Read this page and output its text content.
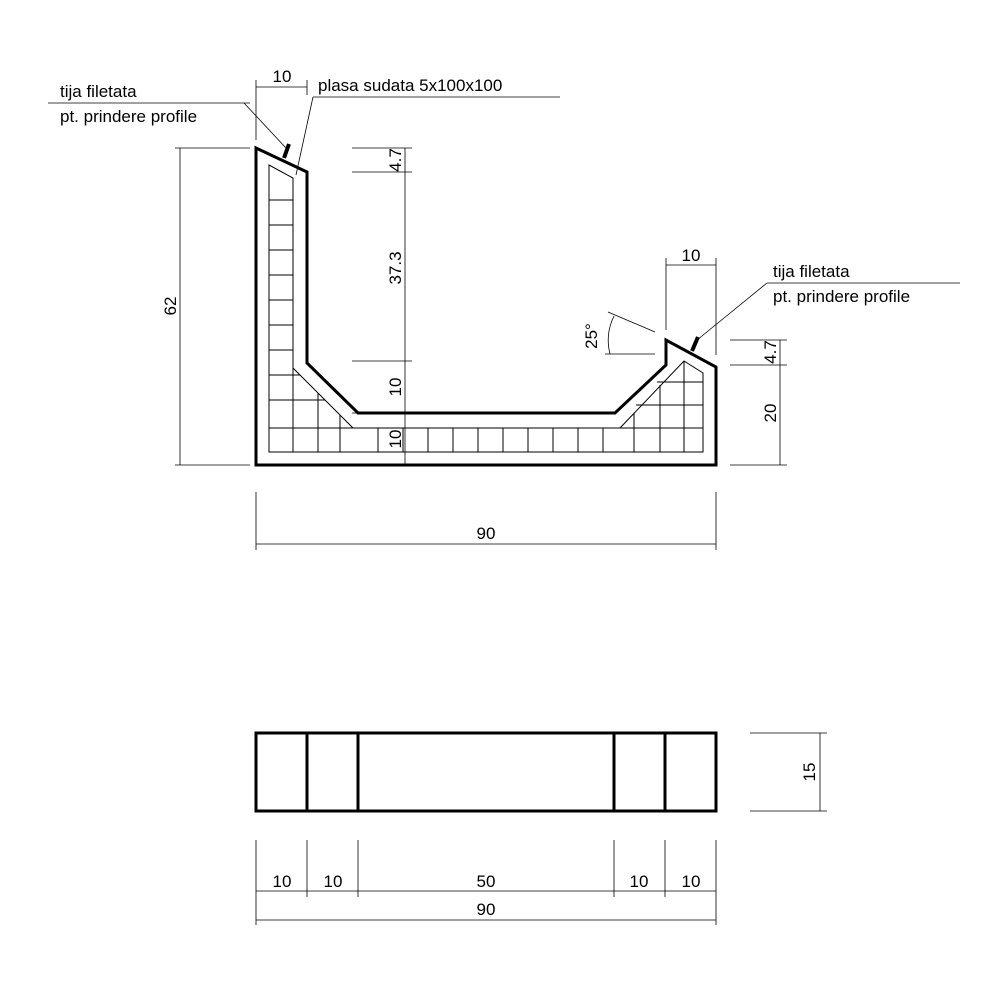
10
tija filetata
pt. prindere profile
plasa sudata 5x100x100
62
4.7
37.3
10
10
10
tija filetata
pt. prindere profile
25°
4.7
20
90
15
10 10	50	10 10
90
